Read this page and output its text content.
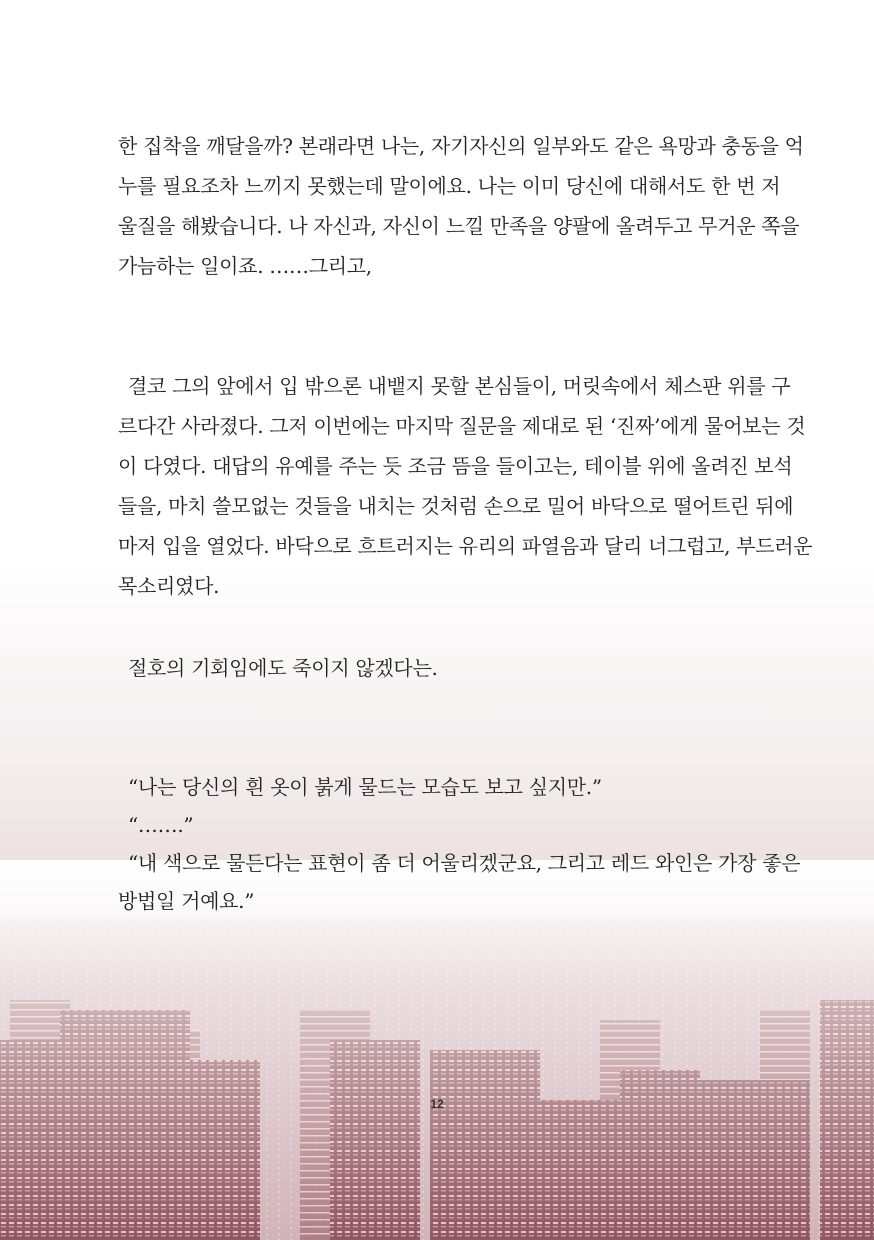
한 집착을 깨달을까? 본래라면 나는, 자기자신의 일부와도 같은 욕망과 충동을 억
누를 필요조차 느끼지 못했는데 말이에요. 나는 이미 당신에 대해서도 한 번 저
울질을 해봤습니다. 나 자신과, 자신이 느낄 만족을 양팔에 올려두고 무거운 쪽을
가늠하는 일이죠. ……그리고,
결코 그의 앞에서 입 밖으론 내뱉지 못할 본심들이, 머릿속에서 체스판 위를 구
르다간 사라졌다. 그저 이번에는 마지막 질문을 제대로 된 ‘진짜’에게 물어보는 것
이 다였다. 대답의 유예를 주는 듯 조금 뜸을 들이고는, 테이블 위에 올려진 보석
들을, 마치 쓸모없는 것들을 내치는 것처럼 손으로 밀어 바닥으로 떨어트린 뒤에
마저 입을 열었다. 바닥으로 흐트러지는 유리의 파열음과 달리 너그럽고, 부드러운
목소리였다.
절호의 기회임에도 죽이지 않겠다는.
“나는 당신의 흰 옷이 붉게 물드는 모습도 보고 싶지만.”
“…….”
“내 색으로 물든다는 표현이 좀 더 어울리겠군요, 그리고 레드 와인은 가장 좋은
방법일 거예요.”
12
